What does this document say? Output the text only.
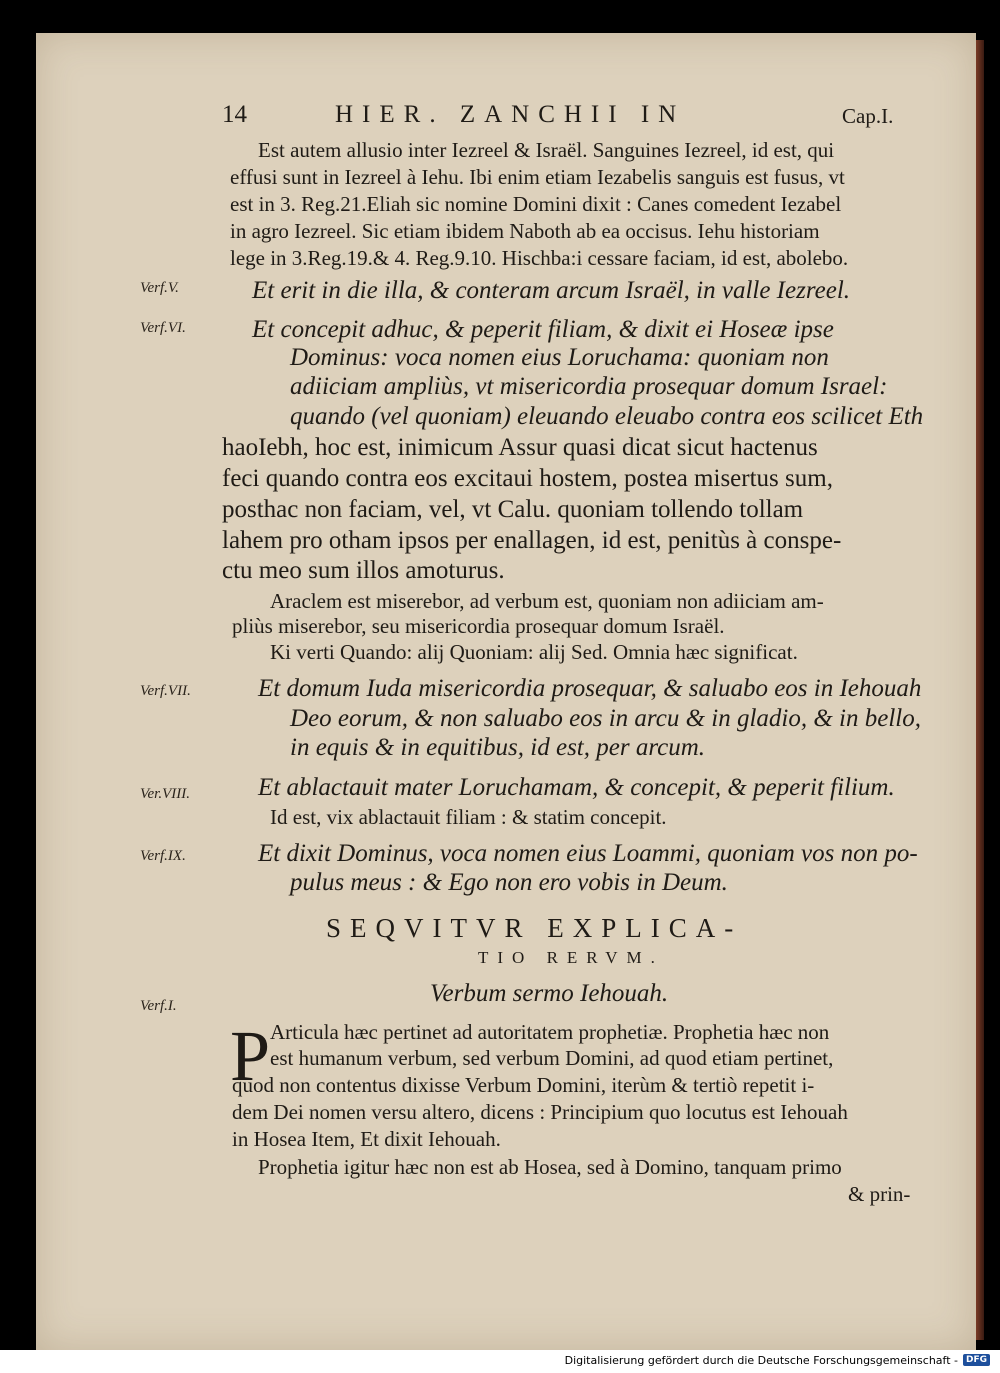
14	HIER. ZANCHII IN	Cap.I.
Est autem allusio inter Iezreel & Israël. Sanguines Iezreel, id est, qui
effusi sunt in Iezreel à Iehu. Ibi enim etiam Iezabelis sanguis est fusus, vt
est in 3. Reg.21.Eliah sic nomine Domini dixit : Canes comedent Iezabel
in agro Iezreel. Sic etiam ibidem Naboth ab ea occisus. Iehu historiam
lege in 3.Reg.19.& 4. Reg.9.10. Hischba:i cessare faciam, id est, abolebo.
Verf.V.	Et erit in die illa, & conteram arcum Israël, in valle Iezreel.
Verf.VI.	Et concepit adhuc, & peperit filiam, & dixit ei Hoseæ ipse
Dominus: voca nomen eius Loruchama: quoniam non
adiiciam ampliùs, vt misericordia prosequar domum Israel:
quando (vel quoniam) eleuando eleuabo contra eos scilicet Eth
haoIebh, hoc est, inimicum Assur quasi dicat sicut hactenus
feci quando contra eos excitaui hostem, postea misertus sum,
posthac non faciam, vel, vt Calu. quoniam tollendo tollam
lahem pro otham ipsos per enallagen, id est, penitùs à conspe-
ctu meo sum illos amoturus.
Araclem est miserebor, ad verbum est, quoniam non adiiciam am-
pliùs miserebor, seu misericordia prosequar domum Israël.
Ki verti Quando: alij Quoniam: alij Sed. Omnia hæc significat.
Verf.VII.	Et domum Iuda misericordia prosequar, & saluabo eos in Iehouah
Deo eorum, & non saluabo eos in arcu & in gladio, & in bello,
in equis & in equitibus, id est, per arcum.
Ver.VIII.	Et ablactauit mater Loruchamam, & concepit, & peperit filium.
Id est, vix ablactauit filiam : & statim concepit.
Verf.IX.	Et dixit Dominus, voca nomen eius Loammi, quoniam vos non po-
pulus meus : & Ego non ero vobis in Deum.
SEQVITVR EXPLICA-
TIO RERVM.
Verf.I.	Verbum sermo Iehouah.
P Articula hæc pertinet ad autoritatem prophetiæ. Prophetia hæc non
est humanum verbum, sed verbum Domini, ad quod etiam pertinet,
quod non contentus dixisse Verbum Domini, iterùm & tertiò repetit i-
dem Dei nomen versu altero, dicens : Principium quo locutus est Iehouah
in Hosea Item, Et dixit Iehouah.
Prophetia igitur hæc non est ab Hosea, sed à Domino, tanquam primo
& prin-
Digitalisierung gefördert durch die Deutsche Forschungsgemeinschaft - DFG
